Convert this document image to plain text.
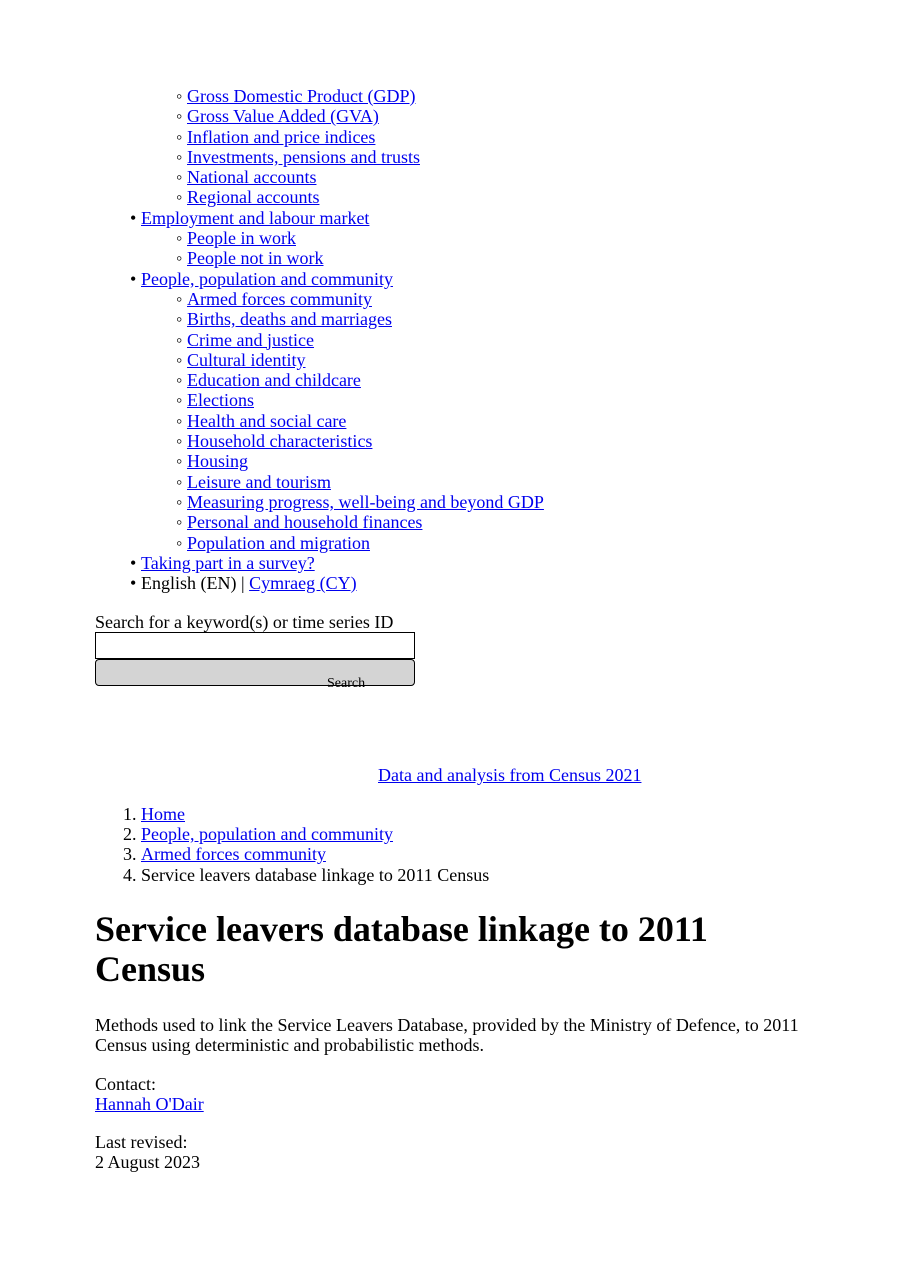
◦ Gross Domestic Product (GDP)
◦ Gross Value Added (GVA)
◦ Inflation and price indices
◦ Investments, pensions and trusts
◦ National accounts
◦ Regional accounts
• Employment and labour market
◦ People in work
◦ People not in work
• People, population and community
◦ Armed forces community
◦ Births, deaths and marriages
◦ Crime and justice
◦ Cultural identity
◦ Education and childcare
◦ Elections
◦ Health and social care
◦ Household characteristics
◦ Housing
◦ Leisure and tourism
◦ Measuring progress, well-being and beyond GDP
◦ Personal and household finances
◦ Population and migration
• Taking part in a survey?
• English (EN) | Cymraeg (CY)
Search for a keyword(s) or time series ID
Search
Data and analysis from Census 2021
1. Home
2. People, population and community
3. Armed forces community
4. Service leavers database linkage to 2011 Census
Service leavers database linkage to 2011 Census

Methods used to link the Service Leavers Database, provided by the Ministry of Defence, to 2011 Census using deterministic and probabilistic methods.

Contact:
Hannah O'Dair
Last revised:
2 August 2023
